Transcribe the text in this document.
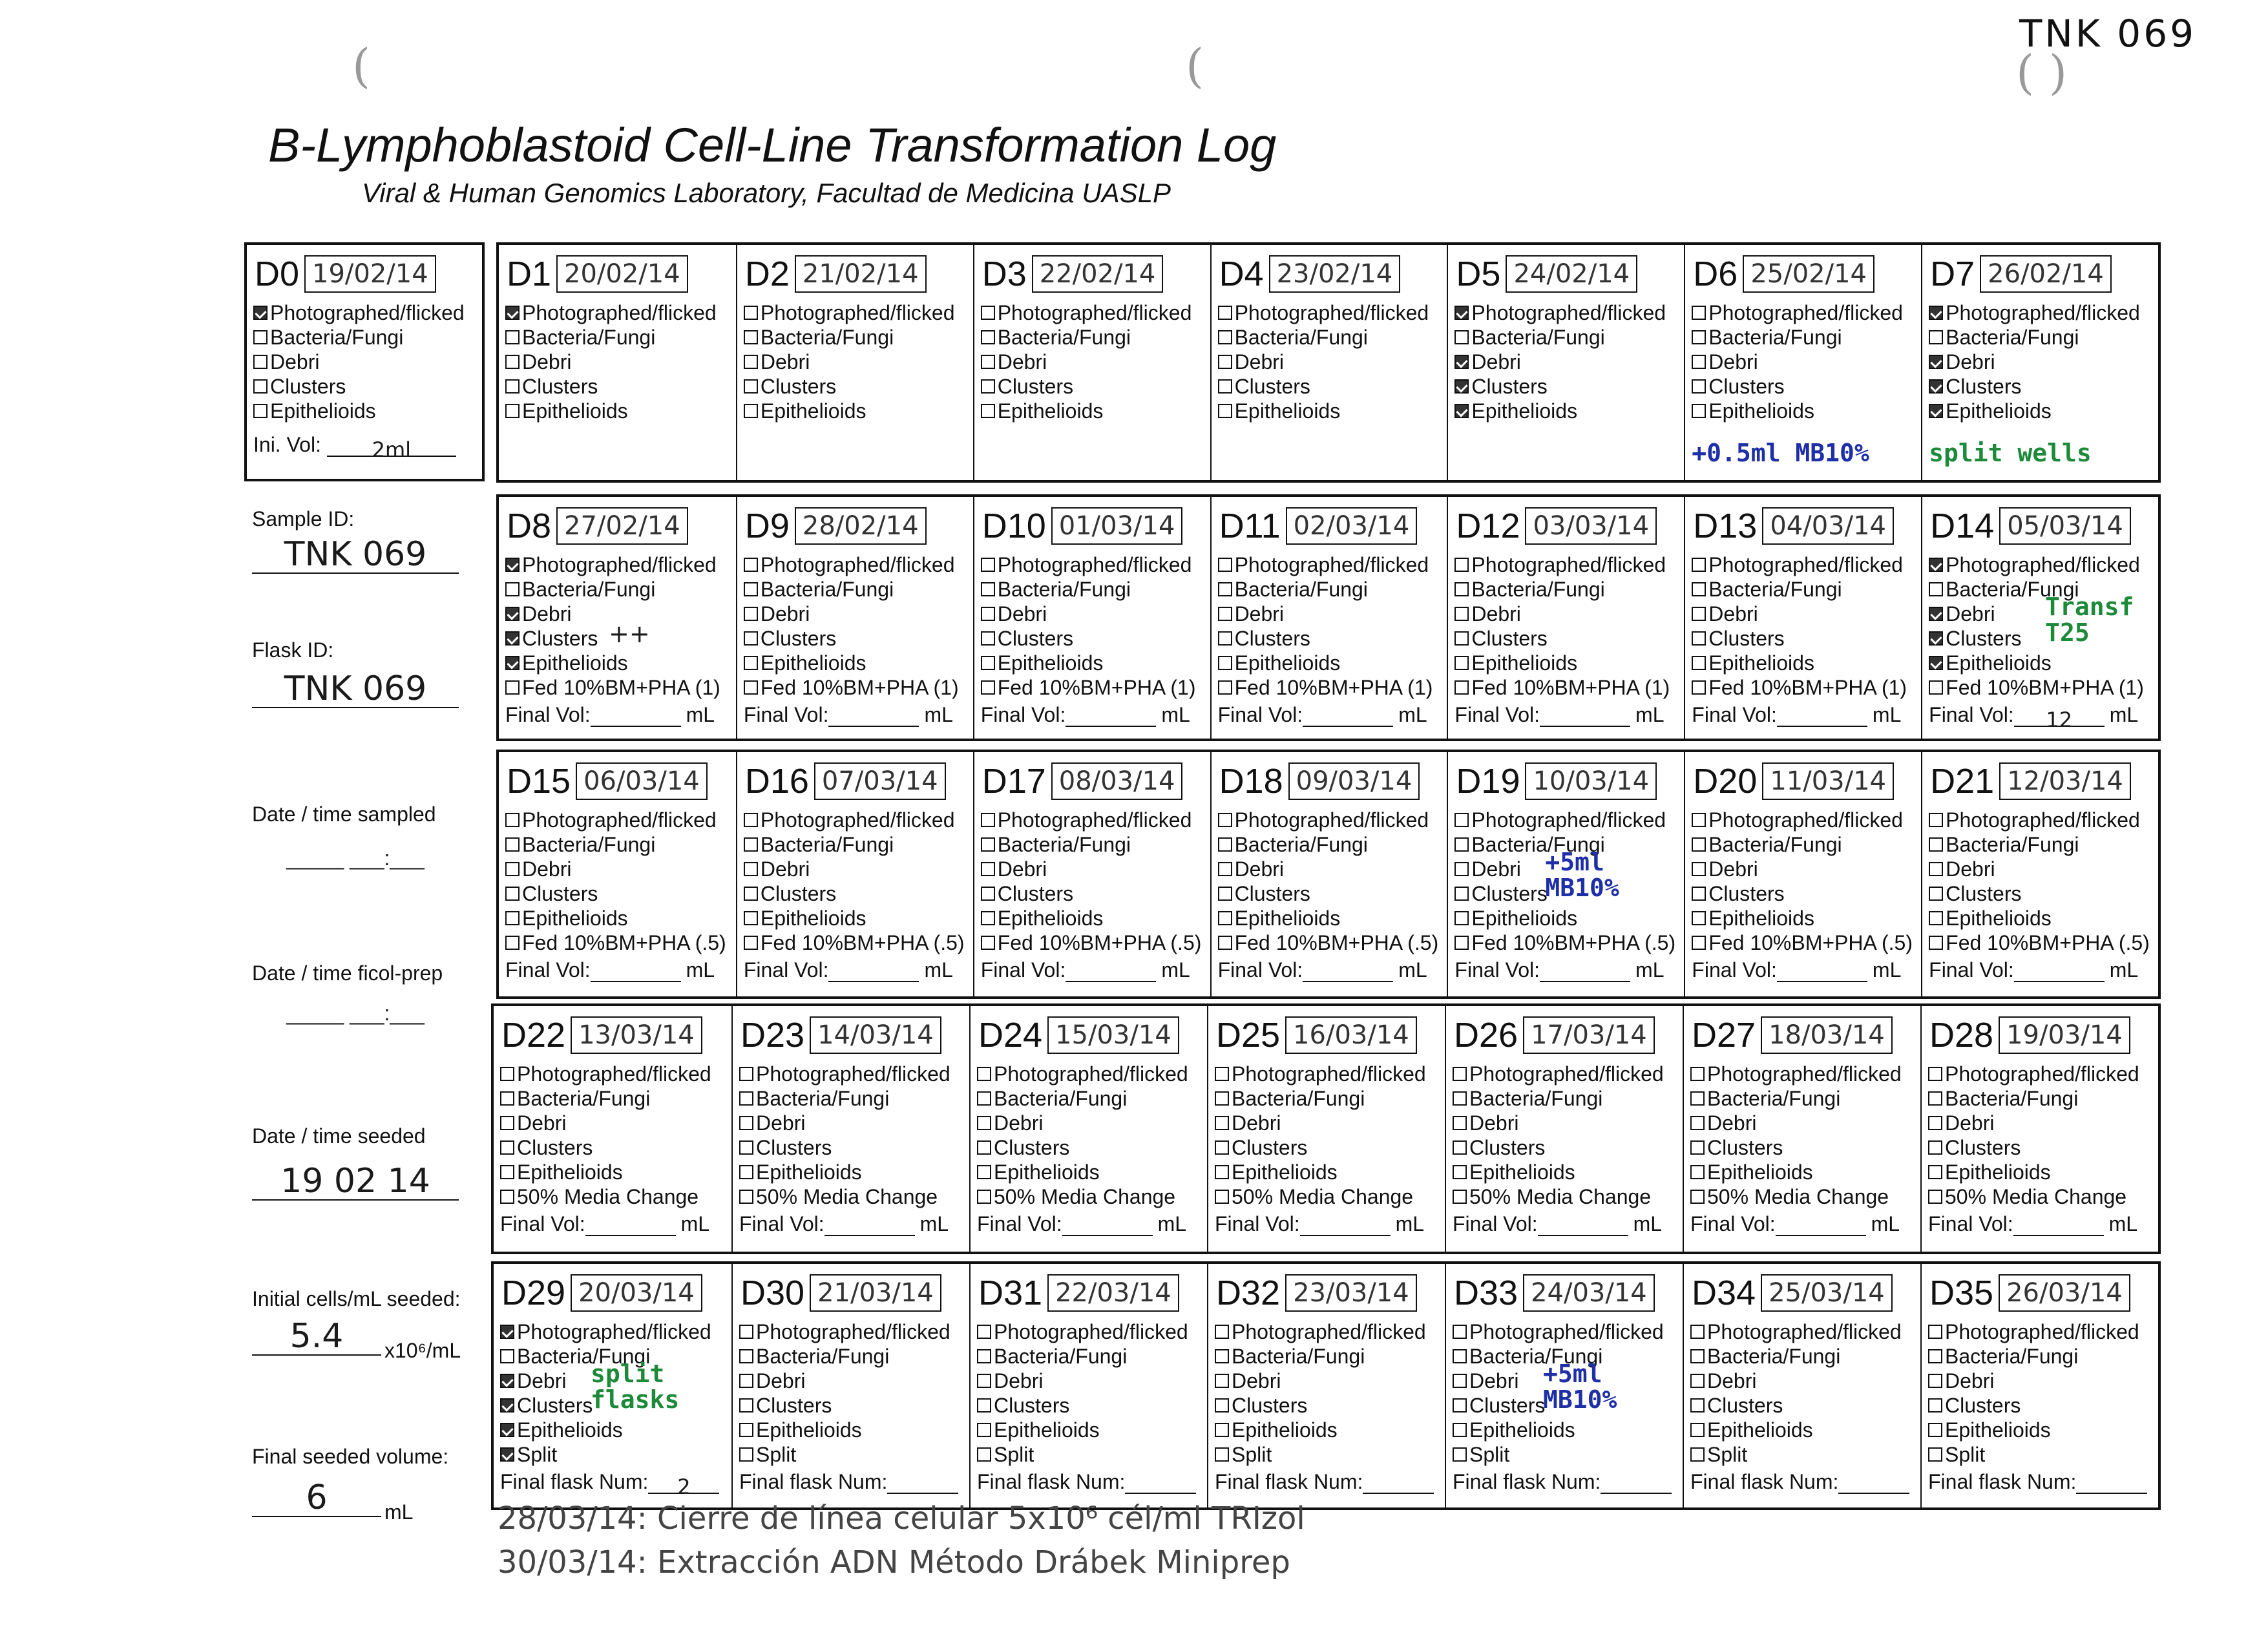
(	(	( )
TNK 069
B-Lymphoblastoid Cell-Line Transformation Log
Viral & Human Genomics Laboratory, Facultad de Medicina UASLP
D0 19/02/14
Photographed/flicked
Bacteria/Fungi
Debri
Clusters
Epithelioids
Ini. Vol: 2ml
D1 20/02/14
Photographed/flicked
Bacteria/Fungi
Debri
Clusters
Epithelioids
D2 21/02/14
Photographed/flicked
Bacteria/Fungi
Debri
Clusters
Epithelioids
D3 22/02/14
Photographed/flicked
Bacteria/Fungi
Debri
Clusters
Epithelioids
D4 23/02/14
Photographed/flicked
Bacteria/Fungi
Debri
Clusters
Epithelioids
D5 24/02/14
Photographed/flicked
Bacteria/Fungi
Debri
Clusters
Epithelioids
D6 25/02/14
Photographed/flicked
Bacteria/Fungi
Debri
Clusters
Epithelioids
+0.5ml MB10%
D7 26/02/14
Photographed/flicked
Bacteria/Fungi
Debri
Clusters
Epithelioids
split wells
D8 27/02/14
Photographed/flicked
Bacteria/Fungi
Debri
Clusters
Epithelioids
Fed 10%BM+PHA (1)
Final Vol:	mL
++
D9 28/02/14
Photographed/flicked
Bacteria/Fungi
Debri
Clusters
Epithelioids
Fed 10%BM+PHA (1)
Final Vol:	mL
D10 01/03/14
Photographed/flicked
Bacteria/Fungi
Debri
Clusters
Epithelioids
Fed 10%BM+PHA (1)
Final Vol:	mL
D11 02/03/14
Photographed/flicked
Bacteria/Fungi
Debri
Clusters
Epithelioids
Fed 10%BM+PHA (1)
Final Vol:	mL
D12 03/03/14
Photographed/flicked
Bacteria/Fungi
Debri
Clusters
Epithelioids
Fed 10%BM+PHA (1)
Final Vol:	mL
D13 04/03/14
Photographed/flicked
Bacteria/Fungi
Debri
Clusters
Epithelioids
Fed 10%BM+PHA (1)
Final Vol:	mL
D14 05/03/14
Photographed/flicked
Bacteria/Fungi
Debri
Clusters
Epithelioids
Fed 10%BM+PHA (1)
Final Vol: 12 mL
Transf T25
D15 06/03/14
Photographed/flicked
Bacteria/Fungi
Debri
Clusters
Epithelioids
Fed 10%BM+PHA (.5)
Final Vol:	mL
D16 07/03/14
Photographed/flicked
Bacteria/Fungi
Debri
Clusters
Epithelioids
Fed 10%BM+PHA (.5)
Final Vol:	mL
D17 08/03/14
Photographed/flicked
Bacteria/Fungi
Debri
Clusters
Epithelioids
Fed 10%BM+PHA (.5)
Final Vol:	mL
D18 09/03/14
Photographed/flicked
Bacteria/Fungi
Debri
Clusters
Epithelioids
Fed 10%BM+PHA (.5)
Final Vol:	mL
D19 10/03/14
Photographed/flicked
Bacteria/Fungi
Debri
Clusters
Epithelioids
Fed 10%BM+PHA (.5)
Final Vol:	mL
+5ml MB10%
D20 11/03/14
Photographed/flicked
Bacteria/Fungi
Debri
Clusters
Epithelioids
Fed 10%BM+PHA (.5)
Final Vol:	mL
D21 12/03/14
Photographed/flicked
Bacteria/Fungi
Debri
Clusters
Epithelioids
Fed 10%BM+PHA (.5)
Final Vol:	mL
D22 13/03/14
Photographed/flicked
Bacteria/Fungi
Debri
Clusters
Epithelioids
50% Media Change
Final Vol:	mL
D23 14/03/14
Photographed/flicked
Bacteria/Fungi
Debri
Clusters
Epithelioids
50% Media Change
Final Vol:	mL
D24 15/03/14
Photographed/flicked
Bacteria/Fungi
Debri
Clusters
Epithelioids
50% Media Change
Final Vol:	mL
D25 16/03/14
Photographed/flicked
Bacteria/Fungi
Debri
Clusters
Epithelioids
50% Media Change
Final Vol:	mL
D26 17/03/14
Photographed/flicked
Bacteria/Fungi
Debri
Clusters
Epithelioids
50% Media Change
Final Vol:	mL
D27 18/03/14
Photographed/flicked
Bacteria/Fungi
Debri
Clusters
Epithelioids
50% Media Change
Final Vol:	mL
D28 19/03/14
Photographed/flicked
Bacteria/Fungi
Debri
Clusters
Epithelioids
50% Media Change
Final Vol:	mL
D29 20/03/14
Photographed/flicked
Bacteria/Fungi
Debri
Clusters
Epithelioids
Split
Final flask Num: 2
split flasks
D30 21/03/14
Photographed/flicked
Bacteria/Fungi
Debri
Clusters
Epithelioids
Split
Final flask Num:
D31 22/03/14
Photographed/flicked
Bacteria/Fungi
Debri
Clusters
Epithelioids
Split
Final flask Num:
D32 23/03/14
Photographed/flicked
Bacteria/Fungi
Debri
Clusters
Epithelioids
Split
Final flask Num:
D33 24/03/14
Photographed/flicked
Bacteria/Fungi
Debri
Clusters
Epithelioids
Split
Final flask Num:
+5ml MB10%
D34 25/03/14
Photographed/flicked
Bacteria/Fungi
Debri
Clusters
Epithelioids
Split
Final flask Num:
D35 26/03/14
Photographed/flicked
Bacteria/Fungi
Debri
Clusters
Epithelioids
Split
Final flask Num:
Sample ID:
TNK 069
Flask ID:
TNK 069
Date / time sampled
_____ ___:___
Date / time ficol-prep
_____ ___:___
Date / time seeded
19 02 14
Initial cells/mL seeded:
5.4	x10⁶/mL
Final seeded volume:
6	mL	28/03/14: Cierre de línea celular 5x10⁶ cél/ml TRIzol
30/03/14: Extracción ADN Método Drábek Miniprep
